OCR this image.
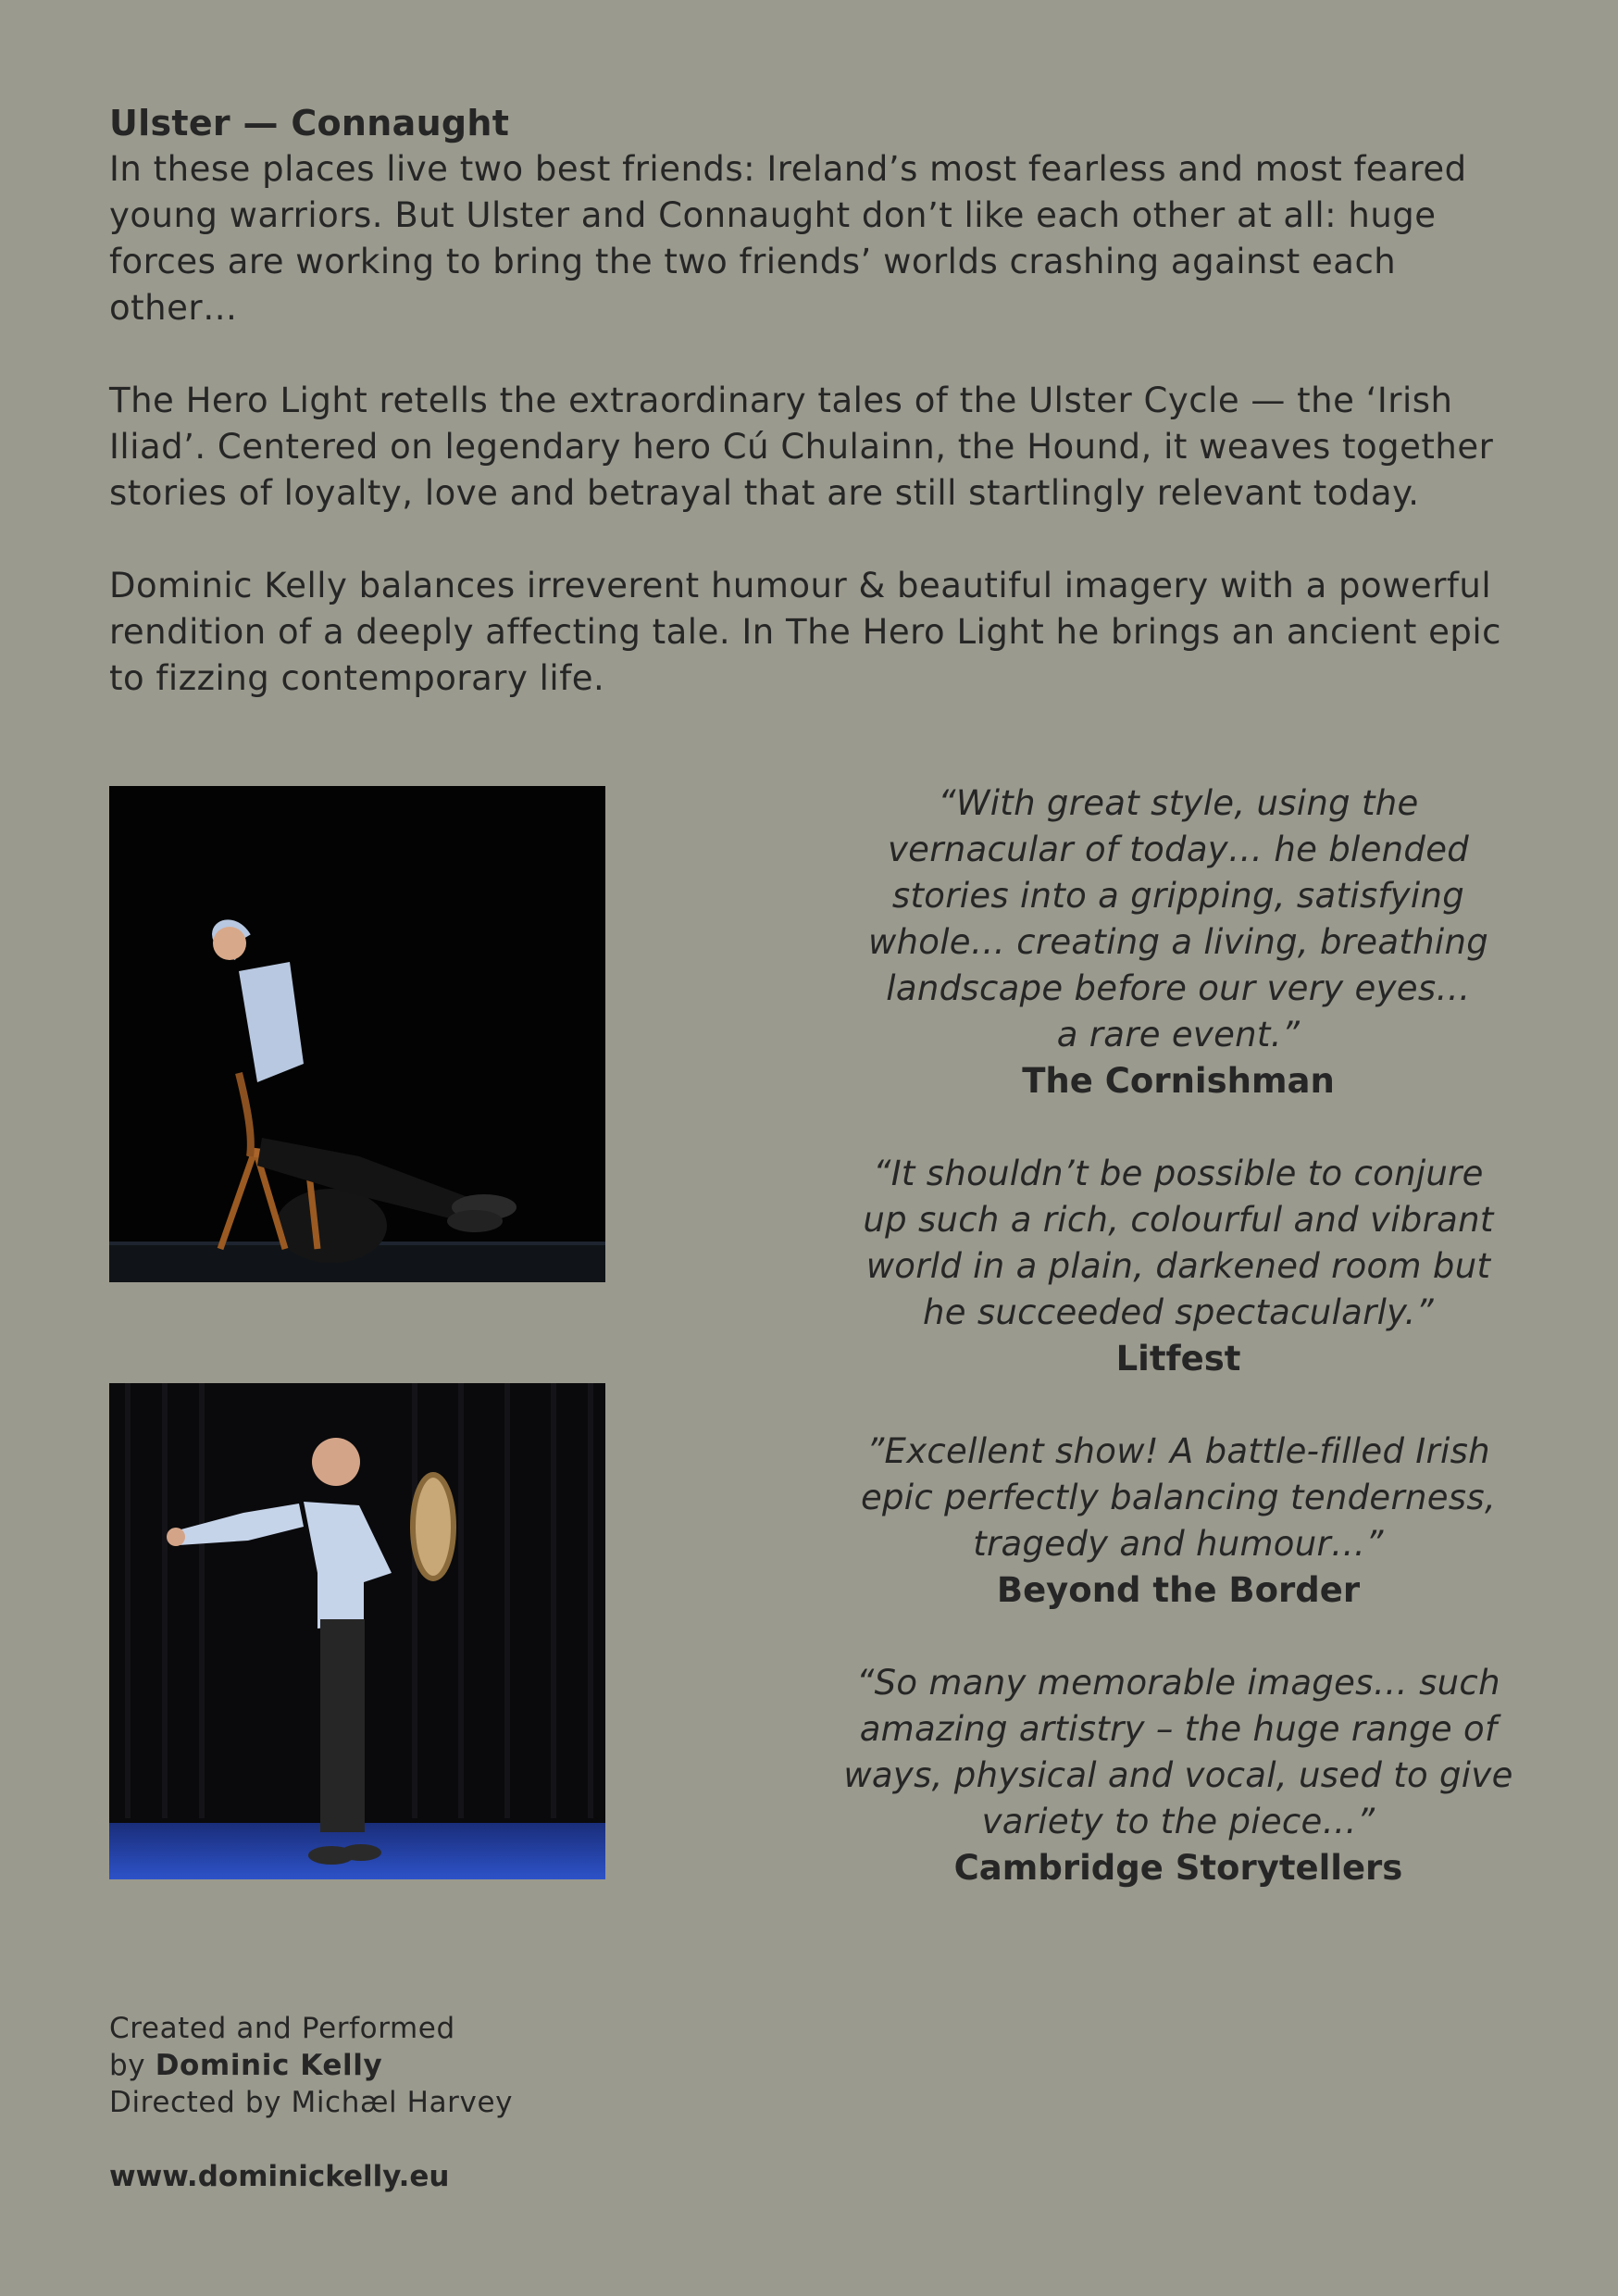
Ulster — Connaught

In these places live two best friends: Ireland’s most fearless and most feared young warriors. But Ulster and Connaught don’t like each other at all: huge forces are working to bring the two friends’ worlds crashing against each other…

The Hero Light retells the extraordinary tales of the Ulster Cycle — the ‘Irish Iliad’. Centered on legendary hero Cú Chulainn, the Hound, it weaves together stories of loyalty, love and betrayal that are still startlingly relevant today.

Dominic Kelly balances irreverent humour & beautiful imagery with a powerful rendition of a deeply affecting tale. In The Hero Light he brings an ancient epic to fizzing contemporary life.

“With great style, using the

vernacular of today… he blended

stories into a gripping, satisfying

whole… creating a living, breathing

landscape before our very eyes…

a rare event.”

The Cornishman

“It shouldn’t be possible to conjure

up such a rich, colourful and vibrant

world in a plain, darkened room but

he succeeded spectacularly.”

Litfest

”Excellent show! A battle-filled Irish

epic perfectly balancing tenderness,

tragedy and humour…”

Beyond the Border

“So many memorable images… such

amazing artistry – the huge range of

ways, physical and vocal, used to give

variety to the piece…”

Cambridge Storytellers

Created and Performed
by Dominic Kelly
Directed by Michæl Harvey
www.dominickelly.eu
